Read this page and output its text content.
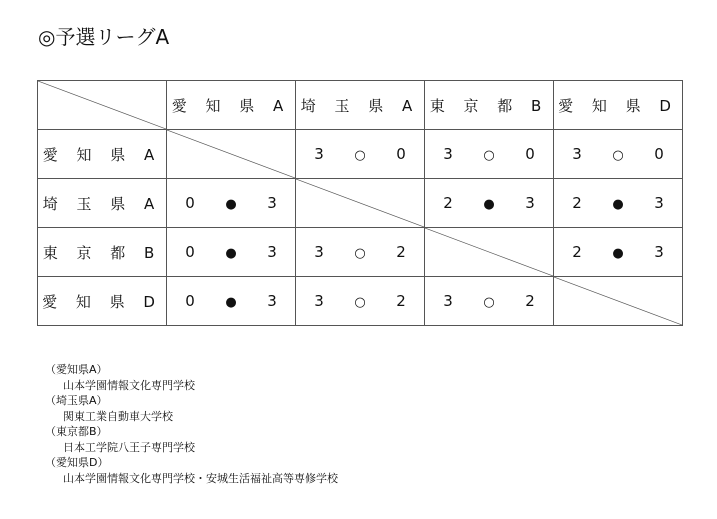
◎予選リーグA
	愛 知 県 A	埼 玉 県 A	東 京 都 B	愛 知 県 D
愛 知 県 A		3 ○ 0	3 ○ 0	3 ○ 0
埼 玉 県 A	0 ● 3		2 ● 3	2 ● 3
東 京 都 B	0 ● 3	3 ○ 2		2 ● 3
愛 知 県 D	0 ● 3	3 ○ 2	3 ○ 2	
（愛知県A）
山本学園情報文化専門学校
（埼玉県A）
関東工業自動車大学校
（東京都B）
日本工学院八王子専門学校
（愛知県D）
山本学園情報文化専門学校・安城生活福祉高等専修学校
